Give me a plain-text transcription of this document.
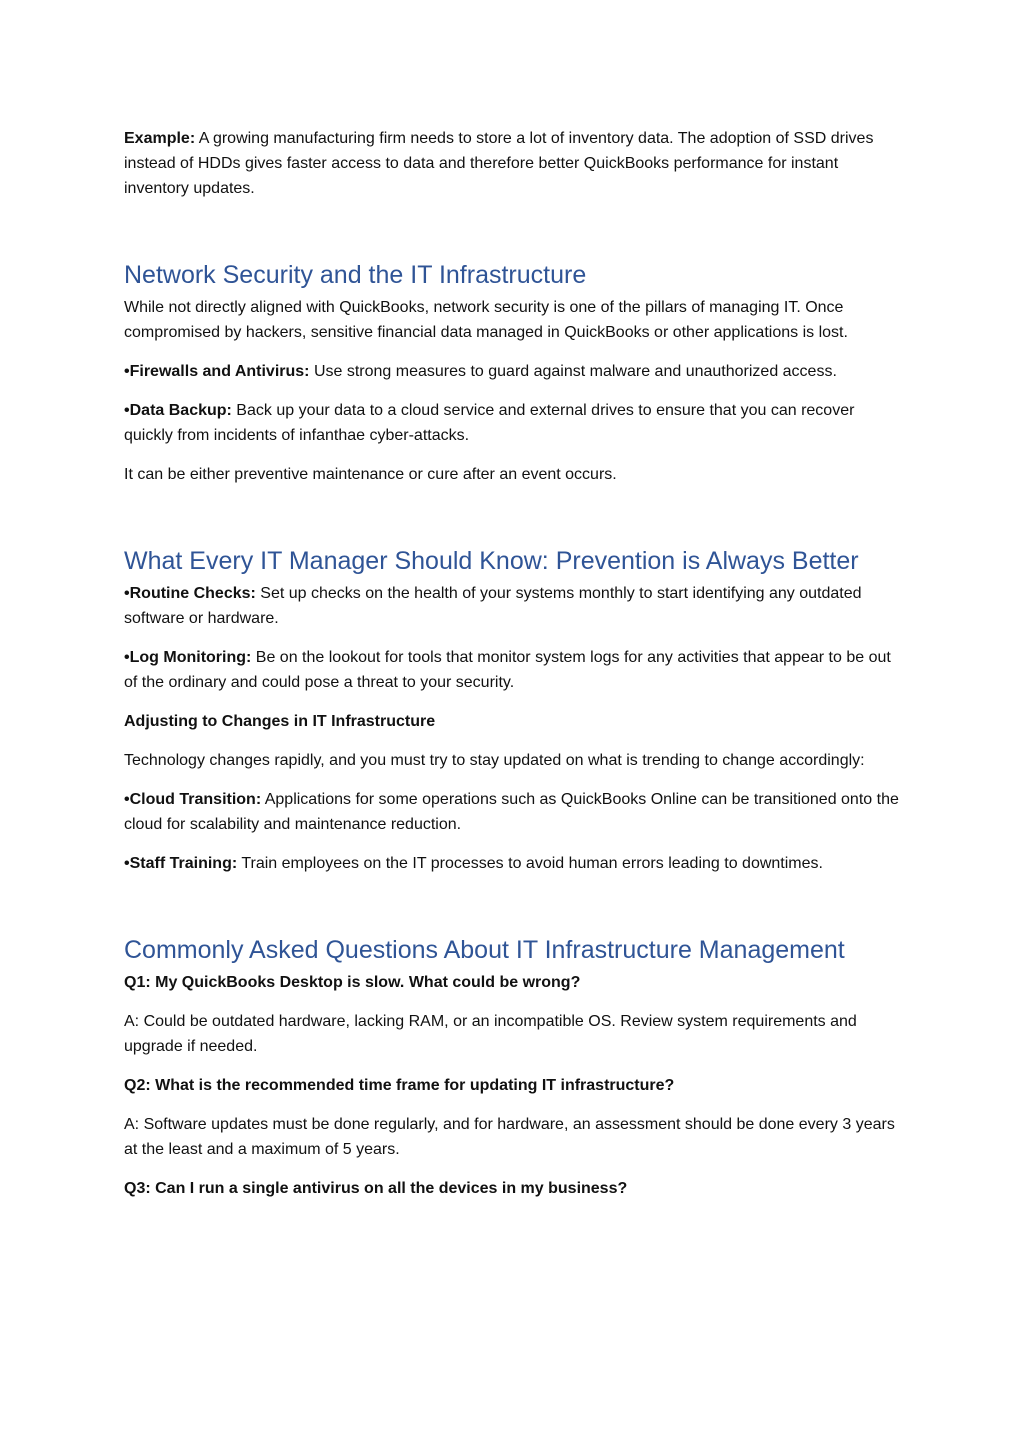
Example: A growing manufacturing firm needs to store a lot of inventory data. The adoption of SSD drives instead of HDDs gives faster access to data and therefore better QuickBooks performance for instant inventory updates.

Network Security and the IT Infrastructure

While not directly aligned with QuickBooks, network security is one of the pillars of managing IT. Once compromised by hackers, sensitive financial data managed in QuickBooks or other applications is lost.

•Firewalls and Antivirus: Use strong measures to guard against malware and unauthorized access.

•Data Backup: Back up your data to a cloud service and external drives to ensure that you can recover quickly from incidents of infanthae cyber-attacks.

It can be either preventive maintenance or cure after an event occurs.

What Every IT Manager Should Know: Prevention is Always Better

•Routine Checks: Set up checks on the health of your systems monthly to start identifying any outdated software or hardware.

•Log Monitoring: Be on the lookout for tools that monitor system logs for any activities that appear to be out of the ordinary and could pose a threat to your security.

Adjusting to Changes in IT Infrastructure

Technology changes rapidly, and you must try to stay updated on what is trending to change accordingly:

•Cloud Transition: Applications for some operations such as QuickBooks Online can be transitioned onto the cloud for scalability and maintenance reduction.

•Staff Training: Train employees on the IT processes to avoid human errors leading to downtimes.

Commonly Asked Questions About IT Infrastructure Management

Q1: My QuickBooks Desktop is slow. What could be wrong?

A: Could be outdated hardware, lacking RAM, or an incompatible OS. Review system requirements and upgrade if needed.

Q2: What is the recommended time frame for updating IT infrastructure?

A: Software updates must be done regularly, and for hardware, an assessment should be done every 3 years at the least and a maximum of 5 years.

Q3: Can I run a single antivirus on all the devices in my business?
